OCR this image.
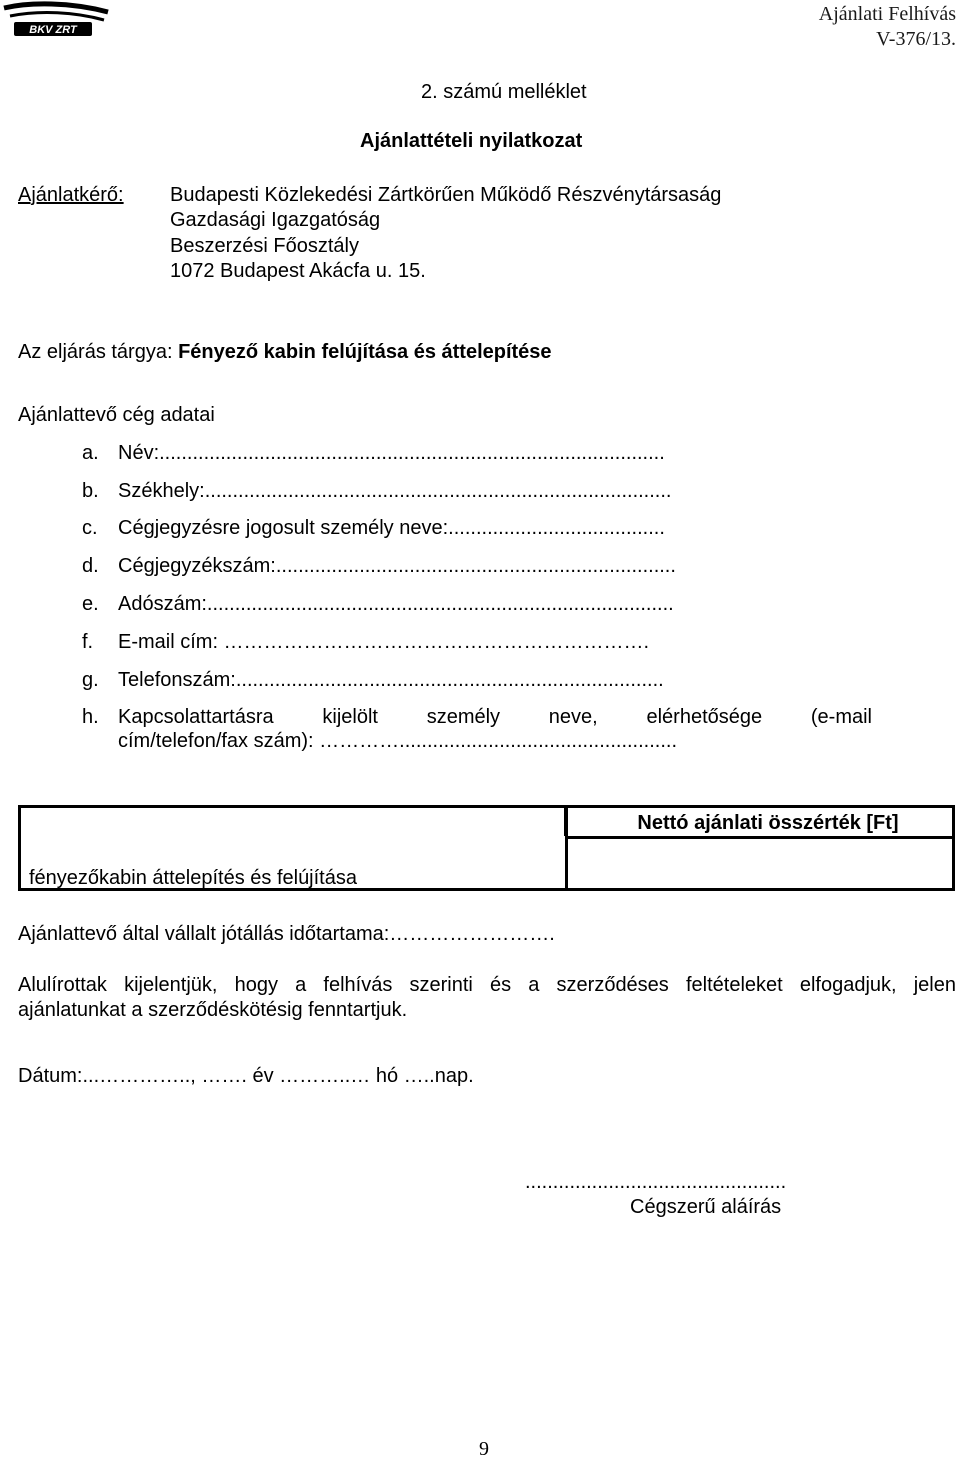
BKV ZRT
Ajánlati Felhívás
V-376/13.
2. számú melléklet
Ajánlattételi nyilatkozat
Ajánlatkérő: Budapesti Közlekedési Zártkörűen Működő Részvénytársaság
Gazdasági Igazgatóság
Beszerzési Főosztály
1072 Budapest Akácfa u. 15.
Az eljárás tárgya: Fényező kabin felújítása és áttelepítése
Ajánlattevő cég adatai
a. Név:...........................................................................................
b. Székhely:....................................................................................
c. Cégjegyzésre jogosult személy neve:.......................................
d. Cégjegyzékszám:........................................................................
e. Adószám:....................................................................................
f. E-mail cím: ……………………………………………………….
g. Telefonszám:.............................................................................
h. Kapcsolattartásra kijelölt személy neve, elérhetősége (e-mail
cím/telefon/fax szám): …………..................................................
Nettó ajánlati összérték [Ft]
fényezőkabin áttelepítés és felújítása
Ajánlattevő által vállalt jótállás időtartama:…………………….
Alulírottak kijelentjük, hogy a felhívás szerinti és a szerződéses feltételeket elfogadjuk, jelen
ajánlatunkat a szerződéskötésig fenntartjuk.
Dátum:...………….., ……. év ………..… hó …..nap.
...............................................
Cégszerű aláírás
9
